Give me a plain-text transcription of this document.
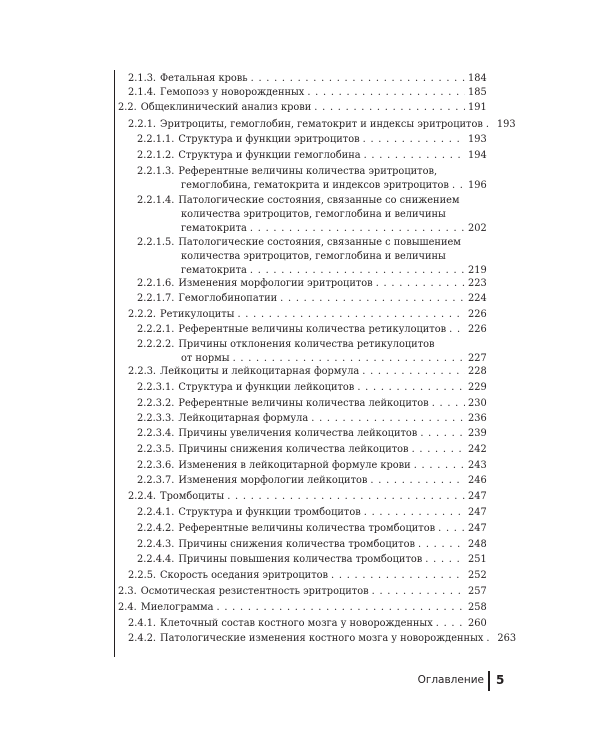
2.1.3. Фетальная кровь . . .	184
2.1.4. Гемопоэз у новорожденных . . .	185
2.2. Общеклинический анализ крови . . .	191
2.2.1. Эритроциты, гемоглобин, гематокрит и индексы эритроцитов . . . 193
2.2.1.1. Структура и функции эритроцитов . . .	193
2.2.1.2. Структура и функции гемоглобина . . .	194
2.2.1.3. Референтные величины количества эритроцитов,
гемоглобина, гематокрита и индексов эритроцитов . . . 196
2.2.1.4. Патологические состояния, связанные со снижением
количества эритроцитов, гемоглобина и величины
гематокрита . . .	202
2.2.1.5. Патологические состояния, связанные с повышением
количества эритроцитов, гемоглобина и величины
гематокрита . . .	219
2.2.1.6. Изменения морфологии эритроцитов . . .	223
2.2.1.7. Гемоглобинопатии . . .	224
2.2.2. Ретикулоциты . . .	226
2.2.2.1. Референтные величины количества ретикулоцитов . . . 226
2.2.2.2. Причины отклонения количества ретикулоцитов
от нормы . . .	227
2.2.3. Лейкоциты и лейкоцитарная формула . . .	228
2.2.3.1. Структура и функции лейкоцитов . . .	229
2.2.3.2. Референтные величины количества лейкоцитов . . .	230
2.2.3.3. Лейкоцитарная формула . . .	236
2.2.3.4. Причины увеличения количества лейкоцитов . . .	239
2.2.3.5. Причины снижения количества лейкоцитов . . .	242
2.2.3.6. Изменения в лейкоцитарной формуле крови . . .	243
2.2.3.7. Изменения морфологии лейкоцитов . . .	246
2.2.4. Тромбоциты . . .	247
2.2.4.1. Структура и функции тромбоцитов . . .	247
2.2.4.2. Референтные величины количества тромбоцитов . . .	247
2.2.4.3. Причины снижения количества тромбоцитов . . .	248
2.2.4.4. Причины повышения количества тромбоцитов . . .	251
2.2.5. Скорость оседания эритроцитов . . .	252
2.3. Осмотическая резистентность эритроцитов . . .	257
2.4. Миелограмма . . .	258
2.4.1. Клеточный состав костного мозга у новорожденных . . .	260
2.4.2. Патологические изменения костного мозга у новорожденных . . . 263
Оглавление 5
